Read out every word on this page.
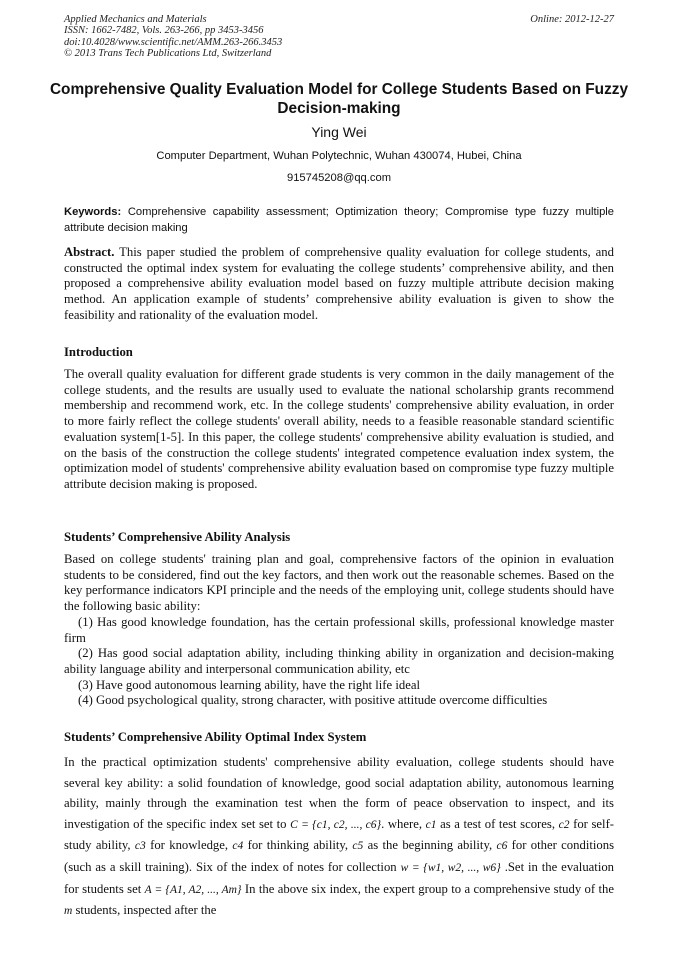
Applied Mechanics and Materials
ISSN: 1662-7482, Vols. 263-266, pp 3453-3456
doi:10.4028/www.scientific.net/AMM.263-266.3453
© 2013 Trans Tech Publications Ltd, Switzerland
Online: 2012-12-27
Comprehensive Quality Evaluation Model for College Students Based on Fuzzy Decision-making
Ying Wei
Computer Department, Wuhan Polytechnic, Wuhan 430074, Hubei, China
915745208@qq.com
Keywords: Comprehensive capability assessment; Optimization theory; Compromise type fuzzy multiple attribute decision making
Abstract. This paper studied the problem of comprehensive quality evaluation for college students, and constructed the optimal index system for evaluating the college students’ comprehensive ability, and then proposed a comprehensive ability evaluation model based on fuzzy multiple attribute decision making method. An application example of students’ comprehensive ability evaluation is given to show the feasibility and rationality of the evaluation model.
Introduction
The overall quality evaluation for different grade students is very common in the daily management of the college students, and the results are usually used to evaluate the national scholarship grants recommend membership and recommend work, etc. In the college students' comprehensive ability evaluation, in order to more fairly reflect the college students' overall ability, needs to a feasible reasonable standard scientific evaluation system[1-5]. In this paper, the college students' comprehensive ability evaluation is studied, and on the basis of the construction the college students' integrated competence evaluation index system, the optimization model of students' comprehensive ability evaluation based on compromise type fuzzy multiple attribute decision making is proposed.
Students’ Comprehensive Ability Analysis

Based on college students' training plan and goal, comprehensive factors of the opinion in evaluation students to be considered, find out the key factors, and then work out the reasonable schemes. Based on the key performance indicators KPI principle and the needs of the employing unit, college students should have the following basic ability:

(1) Has good knowledge foundation, has the certain professional skills, professional knowledge master firm

(2) Has good social adaptation ability, including thinking ability in organization and decision-making ability language ability and interpersonal communication ability, etc

(3) Have good autonomous learning ability, have the right life ideal

(4) Good psychological quality, strong character, with positive attitude overcome difficulties

Students’ Comprehensive Ability Optimal Index System
In the practical optimization students' comprehensive ability evaluation, college students should have several key ability: a solid foundation of knowledge, good social adaptation ability, autonomous learning ability, mainly through the examination test when the form of peace observation to inspect, and its investigation of the specific index set set to C = {c1, c2, ..., c6}. where, c1 as a test of test scores, c2 for self-study ability, c3 for knowledge, c4 for thinking ability, c5 as the beginning ability, c6 for other conditions (such as a skill training). Six of the index of notes for collection w = {w1, w2, ..., w6} .Set in the evaluation for students set A = {A1, A2, ..., Am} In the above six index, the expert group to a comprehensive study of the m students, inspected after the
